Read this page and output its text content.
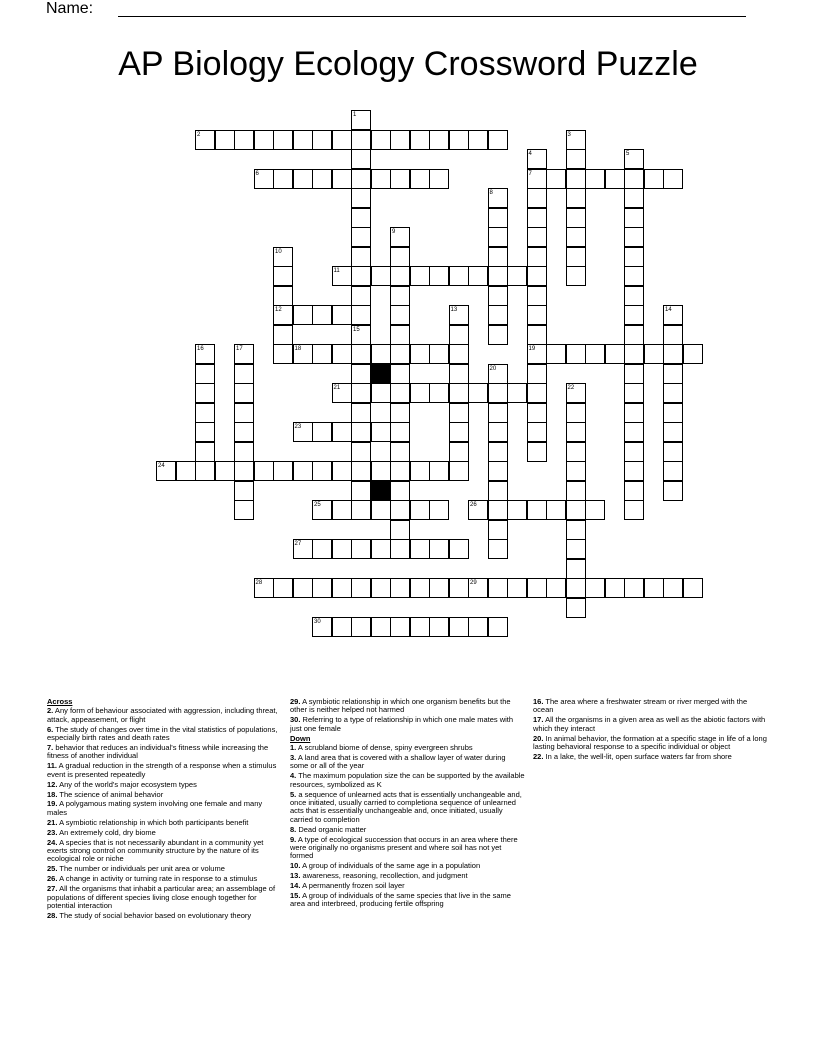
Name:
AP Biology Ecology Crossword Puzzle
1
15
2	3
4
7
19
5
6
8
9
10
12
11
13	14
16	17	18
20
21	22
23
24
25	26
27
28	29
30
Across
2. Any form of behaviour associated with aggression, including threat, attack, appeasement, or flight
6. The study of changes over time in the vital statistics of populations, especially birth rates and death rates
7. behavior that reduces an individual's fitness while increasing the fitness of another individual
11. A gradual reduction in the strength of a response when a stimulus event is presented repeatedly
12. Any of the world's major ecosystem types
18. The science of animal behavior
19. A polygamous mating system involving one female and many males
21. A symbiotic relationship in which both participants benefit
23. An extremely cold, dry biome
24. A species that is not necessarily abundant in a community yet exerts strong control on community structure by the nature of its ecological role or niche
25. The number or individuals per unit area or volume
26. A change in activity or turning rate in response to a stimulus
27. All the organisms that inhabit a particular area; an assemblage of populations of different species living close enough together for potential interaction
28. The study of social behavior based on evolutionary theory
29. A symbiotic relationship in which one organism benefits but the other is neither helped not harmed
30. Referring to a type of relationship in which one male mates with just one female
Down
1. A scrubland biome of dense, spiny evergreen shrubs
3. A land area that is covered with a shallow layer of water during some or all of the year
4. The maximum population size the can be supported by the available resources, symbolized as K
5. a sequence of unlearned acts that is essentially unchangeable and, once initiated, usually carried to completiona sequence of unlearned acts that is essentially unchangeable and, once initiated, usually carried to completion
8. Dead organic matter
9. A type of ecological succession that occurs in an area where there were originally no organisms present and where soil has not yet formed
10. A group of individuals of the same age in a population
13. awareness, reasoning, recollection, and judgment
14. A permanently frozen soil layer
15. A group of individuals of the same species that live in the same area and interbreed, producing fertile offspring
16. The area where a freshwater stream or river merged with the ocean
17. All the organisms in a given area as well as the abiotic factors with which they interact
20. In animal behavior, the formation at a specific stage in life of a long lasting behavioral response to a specific individual or object
22. In a lake, the well-lit, open surface waters far from shore
